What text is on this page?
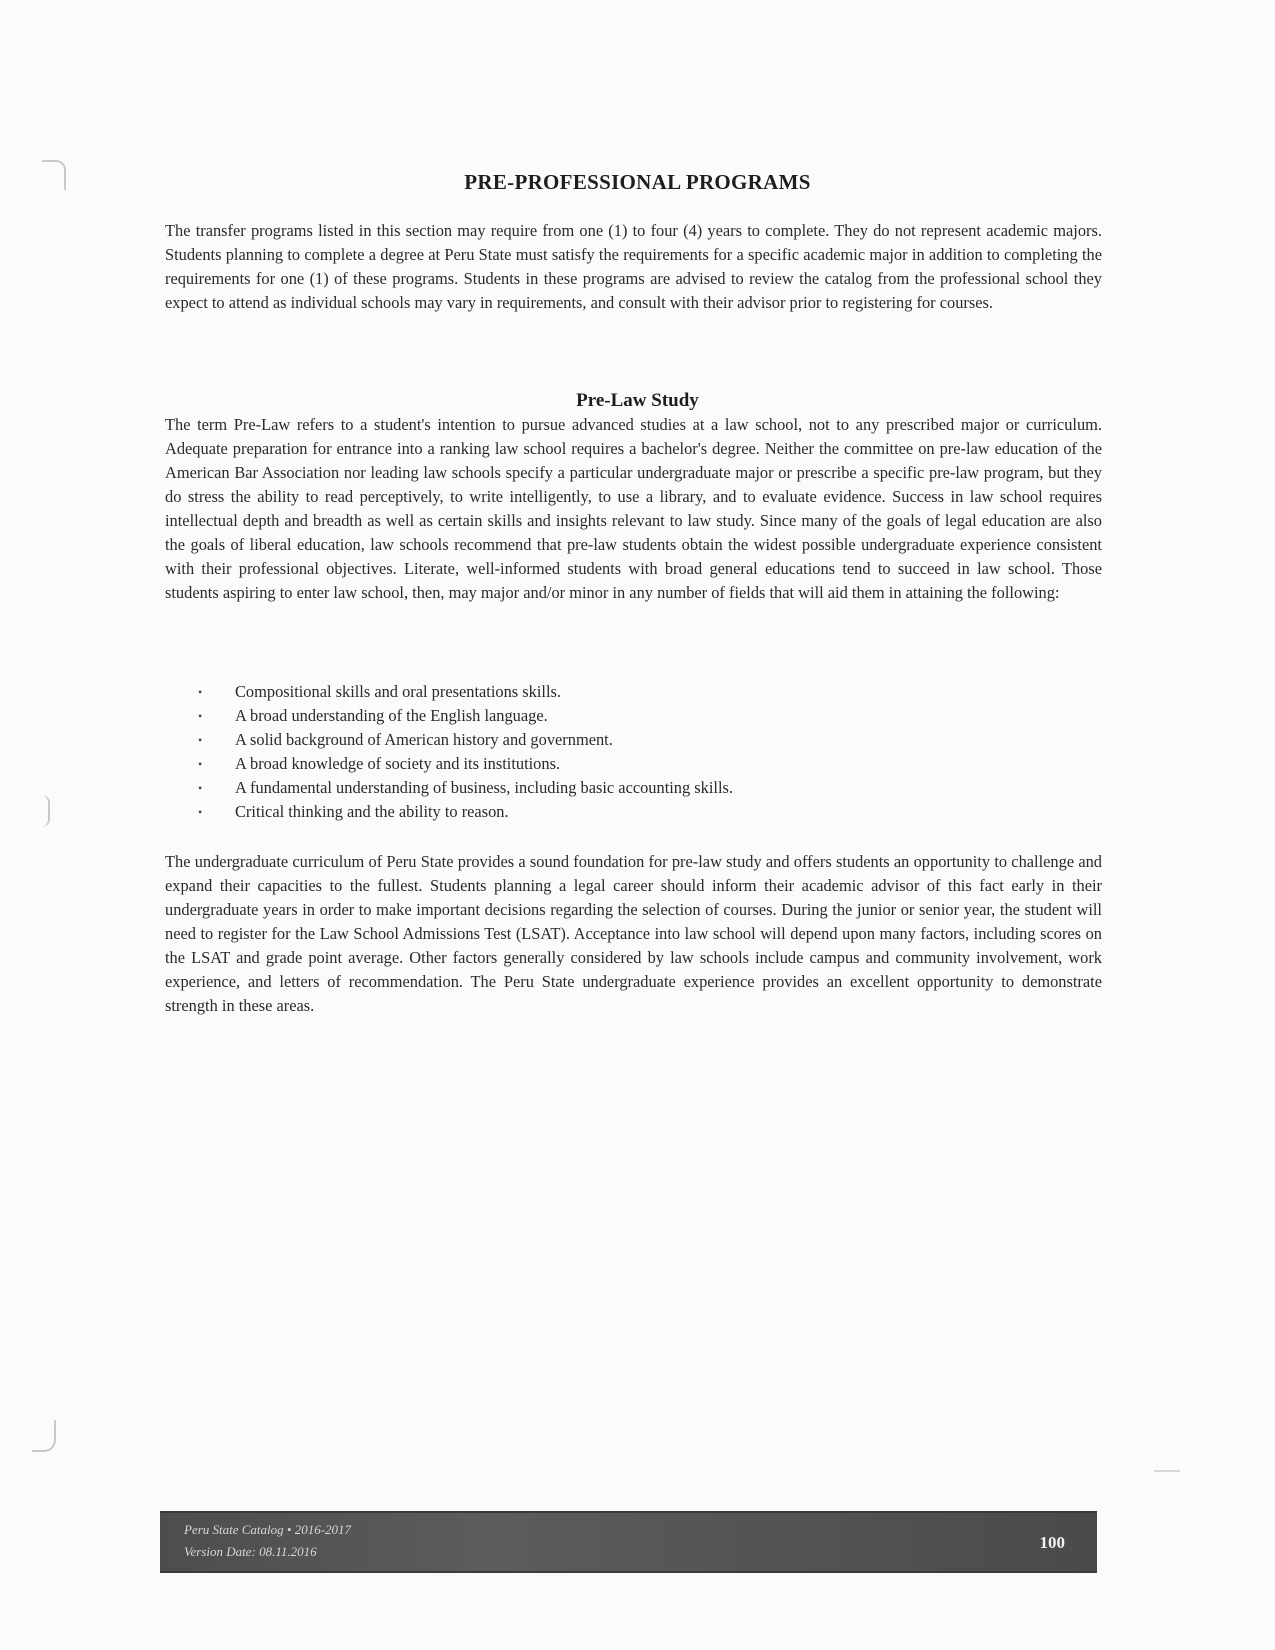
PRE-PROFESSIONAL PROGRAMS

The transfer programs listed in this section may require from one (1) to four (4) years to complete. They do not represent academic majors. Students planning to complete a degree at Peru State must satisfy the requirements for a specific academic major in addition to completing the requirements for one (1) of these programs. Students in these programs are advised to review the catalog from the professional school they expect to attend as individual schools may vary in requirements, and consult with their advisor prior to registering for courses.

Pre-Law Study

The term Pre-Law refers to a student's intention to pursue advanced studies at a law school, not to any prescribed major or curriculum. Adequate preparation for entrance into a ranking law school requires a bachelor's degree. Neither the committee on pre-law education of the American Bar Association nor leading law schools specify a particular undergraduate major or prescribe a specific pre-law program, but they do stress the ability to read perceptively, to write intelligently, to use a library, and to evaluate evidence. Success in law school requires intellectual depth and breadth as well as certain skills and insights relevant to law study. Since many of the goals of legal education are also the goals of liberal education, law schools recommend that pre-law students obtain the widest possible undergraduate experience consistent with their professional objectives. Literate, well-informed students with broad general educations tend to succeed in law school. Those students aspiring to enter law school, then, may major and/or minor in any number of fields that will aid them in attaining the following:

• Compositional skills and oral presentations skills.
• A broad understanding of the English language.
• A solid background of American history and government.
• A broad knowledge of society and its institutions.
• A fundamental understanding of business, including basic accounting skills.
• Critical thinking and the ability to reason.

The undergraduate curriculum of Peru State provides a sound foundation for pre-law study and offers students an opportunity to challenge and expand their capacities to the fullest. Students planning a legal career should inform their academic advisor of this fact early in their undergraduate years in order to make important decisions regarding the selection of courses. During the junior or senior year, the student will need to register for the Law School Admissions Test (LSAT). Acceptance into law school will depend upon many factors, including scores on the LSAT and grade point average. Other factors generally considered by law schools include campus and community involvement, work experience, and letters of recommendation. The Peru State undergraduate experience provides an excellent opportunity to demonstrate strength in these areas.

Peru State Catalog • 2016-2017
Version Date: 08.11.2016	100
